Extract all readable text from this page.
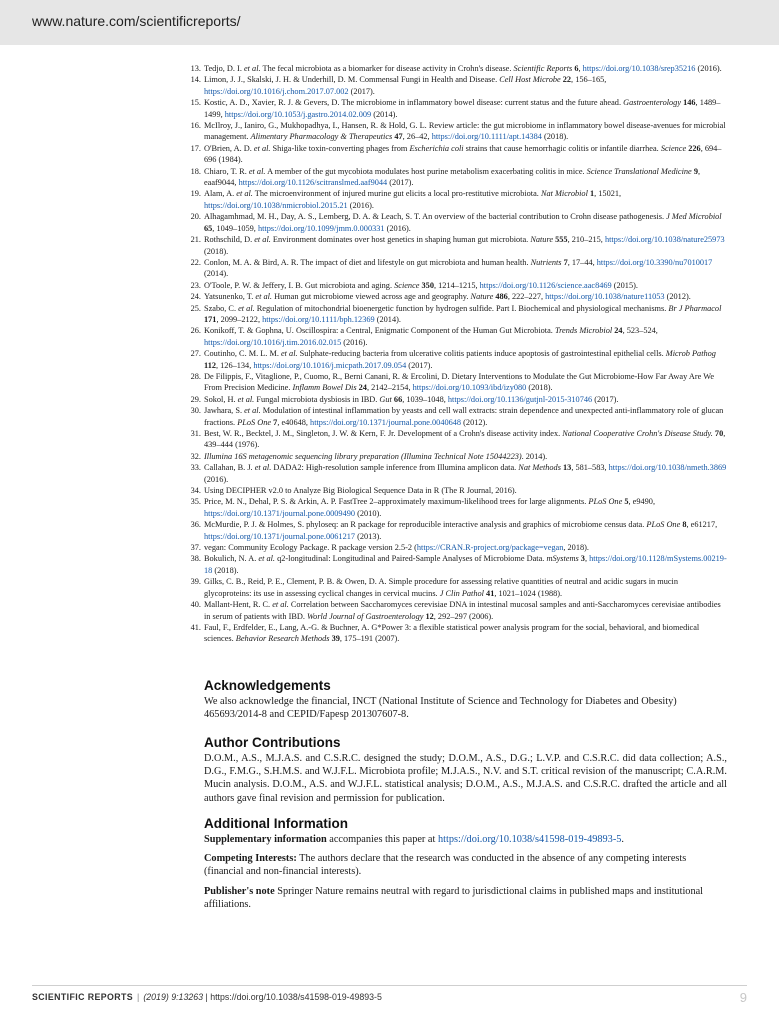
www.nature.com/scientificreports/
13. Tedjo, D. I. et al. The fecal microbiota as a biomarker for disease activity in Crohn's disease. Scientific Reports 6, https://doi.org/10.1038/srep35216 (2016).
14. Limon, J. J., Skalski, J. H. & Underhill, D. M. Commensal Fungi in Health and Disease. Cell Host Microbe 22, 156–165, https://doi.org/10.1016/j.chom.2017.07.002 (2017).
15. Kostic, A. D., Xavier, R. J. & Gevers, D. The microbiome in inflammatory bowel disease: current status and the future ahead. Gastroenterology 146, 1489–1499, https://doi.org/10.1053/j.gastro.2014.02.009 (2014).
16. McIlroy, J., Ianiro, G., Mukhopadhya, I., Hansen, R. & Hold, G. L. Review article: the gut microbiome in inflammatory bowel disease-avenues for microbial management. Alimentary Pharmacology & Therapeutics 47, 26–42, https://doi.org/10.1111/apt.14384 (2018).
17. O'Brien, A. D. et al. Shiga-like toxin-converting phages from Escherichia coli strains that cause hemorrhagic colitis or infantile diarrhea. Science 226, 694–696 (1984).
18. Chiaro, T. R. et al. A member of the gut mycobiota modulates host purine metabolism exacerbating colitis in mice. Science Translational Medicine 9, eaaf9044, https://doi.org/10.1126/scitranslmed.aaf9044 (2017).
19. Alam, A. et al. The microenvironment of injured murine gut elicits a local pro-restitutive microbiota. Nat Microbiol 1, 15021, https://doi.org/10.1038/nmicrobiol.2015.21 (2016).
20. Alhagamhmad, M. H., Day, A. S., Lemberg, D. A. & Leach, S. T. An overview of the bacterial contribution to Crohn disease pathogenesis. J Med Microbiol 65, 1049–1059, https://doi.org/10.1099/jmm.0.000331 (2016).
21. Rothschild, D. et al. Environment dominates over host genetics in shaping human gut microbiota. Nature 555, 210–215, https://doi.org/10.1038/nature25973 (2018).
22. Conlon, M. A. & Bird, A. R. The impact of diet and lifestyle on gut microbiota and human health. Nutrients 7, 17–44, https://doi.org/10.3390/nu7010017 (2014).
23. O'Toole, P. W. & Jeffery, I. B. Gut microbiota and aging. Science 350, 1214–1215, https://doi.org/10.1126/science.aac8469 (2015).
24. Yatsunenko, T. et al. Human gut microbiome viewed across age and geography. Nature 486, 222–227, https://doi.org/10.1038/nature11053 (2012).
25. Szabo, C. et al. Regulation of mitochondrial bioenergetic function by hydrogen sulfide. Part I. Biochemical and physiological mechanisms. Br J Pharmacol 171, 2099–2122, https://doi.org/10.1111/bph.12369 (2014).
26. Konikoff, T. & Gophna, U. Oscillospira: a Central, Enigmatic Component of the Human Gut Microbiota. Trends Microbiol 24, 523–524, https://doi.org/10.1016/j.tim.2016.02.015 (2016).
27. Coutinho, C. M. L. M. et al. Sulphate-reducing bacteria from ulcerative colitis patients induce apoptosis of gastrointestinal epithelial cells. Microb Pathog 112, 126–134, https://doi.org/10.1016/j.micpath.2017.09.054 (2017).
28. De Filippis, F., Vitaglione, P., Cuomo, R., Berni Canani, R. & Ercolini, D. Dietary Interventions to Modulate the Gut Microbiome-How Far Away Are We From Precision Medicine. Inflamm Bowel Dis 24, 2142–2154, https://doi.org/10.1093/ibd/izy080 (2018).
29. Sokol, H. et al. Fungal microbiota dysbiosis in IBD. Gut 66, 1039–1048, https://doi.org/10.1136/gutjnl-2015-310746 (2017).
30. Jawhara, S. et al. Modulation of intestinal inflammation by yeasts and cell wall extracts: strain dependence and unexpected anti-inflammatory role of glucan fractions. PLoS One 7, e40648, https://doi.org/10.1371/journal.pone.0040648 (2012).
31. Best, W. R., Becktel, J. M., Singleton, J. W. & Kern, F. Jr. Development of a Crohn's disease activity index. National Cooperative Crohn's Disease Study. 70, 439–444 (1976).
32. Illumina 16S metagenomic sequencing library preparation (Illumina Technical Note 15044223). 2014).
33. Callahan, B. J. et al. DADA2: High-resolution sample inference from Illumina amplicon data. Nat Methods 13, 581–583, https://doi.org/10.1038/nmeth.3869 (2016).
34. Using DECIPHER v2.0 to Analyze Big Biological Sequence Data in R (The R Journal, 2016).
35. Price, M. N., Dehal, P. S. & Arkin, A. P. FastTree 2–approximately maximum-likelihood trees for large alignments. PLoS One 5, e9490, https://doi.org/10.1371/journal.pone.0009490 (2010).
36. McMurdie, P. J. & Holmes, S. phyloseq: an R package for reproducible interactive analysis and graphics of microbiome census data. PLoS One 8, e61217, https://doi.org/10.1371/journal.pone.0061217 (2013).
37. vegan: Community Ecology Package. R package version 2.5-2 (https://CRAN.R-project.org/package=vegan, 2018).
38. Bokulich, N. A. et al. q2-longitudinal: Longitudinal and Paired-Sample Analyses of Microbiome Data. mSystems 3, https://doi.org/10.1128/mSystems.00219-18 (2018).
39. Gilks, C. B., Reid, P. E., Clement, P. B. & Owen, D. A. Simple procedure for assessing relative quantities of neutral and acidic sugars in mucin glycoproteins: its use in assessing cyclical changes in cervical mucins. J Clin Pathol 41, 1021–1024 (1988).
40. Mallant-Hent, R. C. et al. Correlation between Saccharomyces cerevisiae DNA in intestinal mucosal samples and anti-Saccharomyces cerevisiae antibodies in serum of patients with IBD. World Journal of Gastroenterology 12, 292–297 (2006).
41. Faul, F., Erdfelder, E., Lang, A.-G. & Buchner, A. G*Power 3: a flexible statistical power analysis program for the social, behavioral, and biomedical sciences. Behavior Research Methods 39, 175–191 (2007).
Acknowledgements

We also acknowledge the financial, INCT (National Institute of Science and Technology for Diabetes and Obesity) 465693/2014-8 and CEPID/Fapesp 201307607-8.

Author Contributions

D.O.M., A.S., M.J.A.S. and C.S.R.C. designed the study; D.O.M., A.S., D.G.; L.V.P. and C.S.R.C. did data collection; A.S., D.G., F.M.G., S.H.M.S. and W.J.F.L. Microbiota profile; M.J.A.S., N.V. and S.T. critical revision of the manuscript; C.A.R.M. Mucin analysis. D.O.M., A.S. and W.J.F.L. statistical analysis; D.O.M., A.S., M.J.A.S. and C.S.R.C. drafted the article and all authors gave final revision and permission for publication.

Additional Information

Supplementary information accompanies this paper at https://doi.org/10.1038/s41598-019-49893-5.

Competing Interests: The authors declare that the research was conducted in the absence of any competing interests (financial and non-financial interests).

Publisher's note Springer Nature remains neutral with regard to jurisdictional claims in published maps and institutional affiliations.

SCIENTIFIC REPORTS | (2019) 9:13263 | https://doi.org/10.1038/s41598-019-49893-5	9
